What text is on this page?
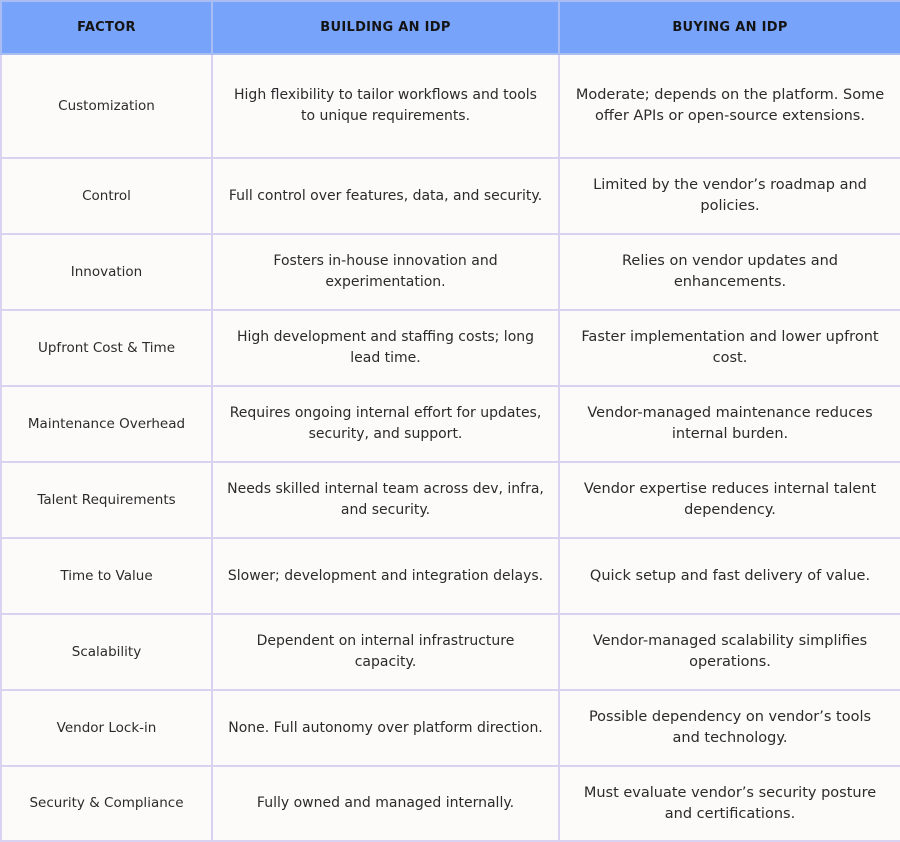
FACTOR	BUILDING AN IDP	BUYING AN IDP
Customization	High flexibility to tailor workflows and tools to unique requirements.	Moderate; depends on the platform. Some offer APIs or open-source extensions.
Control	Full control over features, data, and security.	Limited by the vendor’s roadmap and policies.
Innovation	Fosters in-house innovation and experimentation.	Relies on vendor updates and enhancements.
Upfront Cost & Time	High development and staffing costs; long lead time.	Faster implementation and lower upfront cost.
Maintenance Overhead	Requires ongoing internal effort for updates, security, and support.	Vendor-managed maintenance reduces internal burden.
Talent Requirements	Needs skilled internal team across dev, infra, and security.	Vendor expertise reduces internal talent dependency.
Time to Value	Slower; development and integration delays.	Quick setup and fast delivery of value.
Scalability	Dependent on internal infrastructure capacity.	Vendor-managed scalability simplifies operations.
Vendor Lock-in	None. Full autonomy over platform direction.	Possible dependency on vendor’s tools and technology.
Security & Compliance	Fully owned and managed internally.	Must evaluate vendor’s security posture and certifications.
